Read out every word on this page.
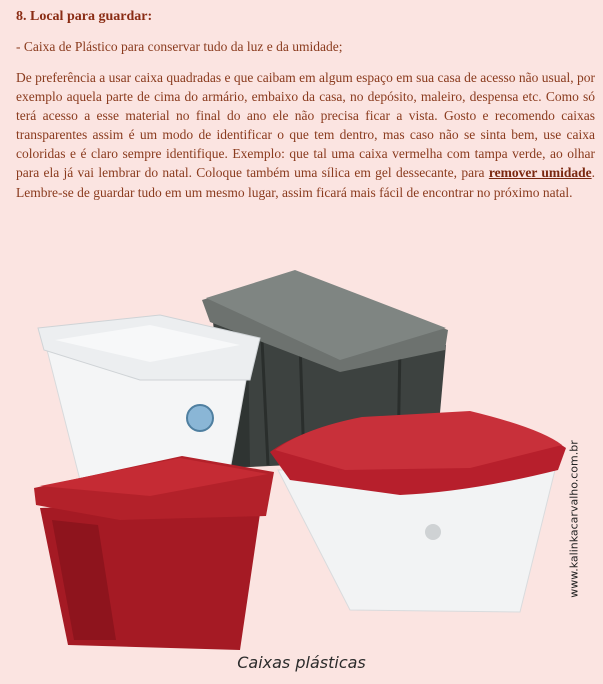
8. Local para guardar:

- Caixa de Plástico para conservar tudo da luz e da umidade;

De preferência a usar caixa quadradas e que caibam em algum espaço em sua casa de acesso não usual, por exemplo aquela parte de cima do armário, embaixo da casa, no depósito, maleiro, despensa etc. Como só terá acesso a esse material no final do ano ele não precisa ficar a vista. Gosto e recomendo caixas transparentes assim é um modo de identificar o que tem dentro, mas caso não se sinta bem, use caixa coloridas e é claro sempre identifique. Exemplo: que tal uma caixa vermelha com tampa verde, ao olhar para ela já vai lembrar do natal. Coloque também uma sílica em gel dessecante, para remover umidade. Lembre-se de guardar tudo em um mesmo lugar, assim ficará mais fácil de encontrar no próximo natal.

www.kalinkacarvalho.com.br
Caixas plásticas
